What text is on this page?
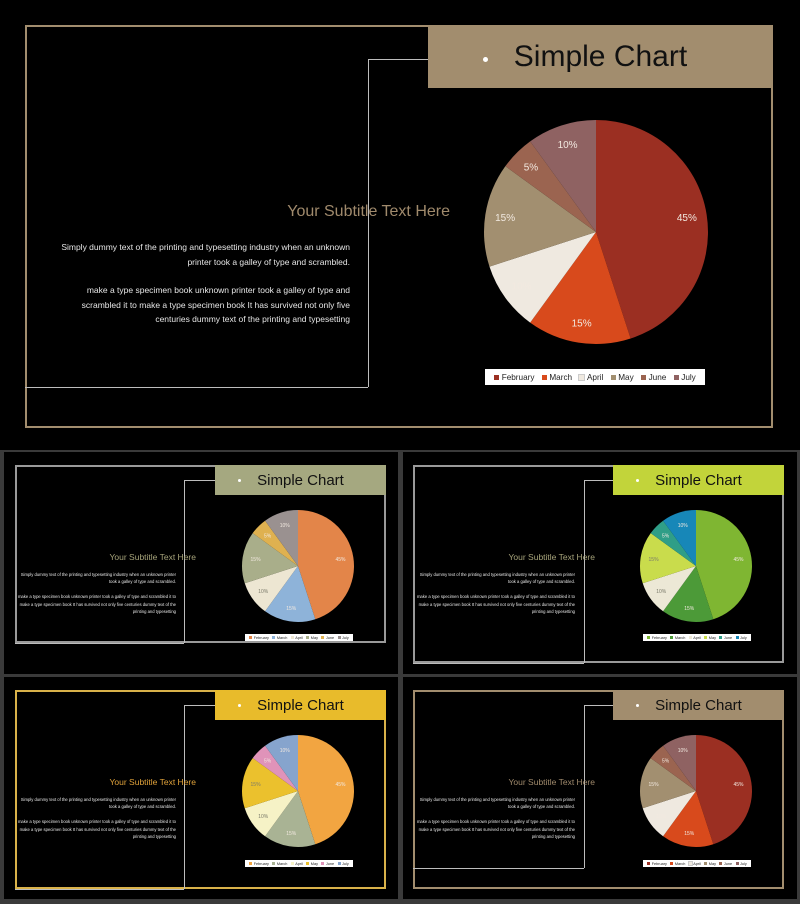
Simple Chart
Your Subtitle Text Here

Simply dummy text of the printing and typesetting industry when an unknown printer took a galley of type and scrambled.

make a type specimen book unknown printer took a galley of type and scrambled it to make a type specimen book It has survived not only five centuries dummy text of the printing and typesetting

45%
15%
10%
15%
5%
10%
February March April May June July
Simple Chart
Your Subtitle Text Here

Simply dummy text of the printing and typesetting industry when an unknown printer took a galley of type and scrambled.

make a type specimen book unknown printer took a galley of type and scrambled it to make a type specimen book It has survived not only five centuries dummy text of the printing and typesetting

45%
15%
10%
15%
5%
10%
February March April May June July
Simple Chart
Your Subtitle Text Here

Simply dummy text of the printing and typesetting industry when an unknown printer took a galley of type and scrambled.

make a type specimen book unknown printer took a galley of type and scrambled it to make a type specimen book It has survived not only five centuries dummy text of the printing and typesetting

45%
15%
10%
15%
5%
10%
February March April May June July
Simple Chart
Your Subtitle Text Here

Simply dummy text of the printing and typesetting industry when an unknown printer took a galley of type and scrambled.

make a type specimen book unknown printer took a galley of type and scrambled it to make a type specimen book It has survived not only five centuries dummy text of the printing and typesetting

45%
15%
10%
15%
5%
10%
February March April May June July
Simple Chart
Your Subtitle Text Here

Simply dummy text of the printing and typesetting industry when an unknown printer took a galley of type and scrambled.

make a type specimen book unknown printer took a galley of type and scrambled it to make a type specimen book It has survived not only five centuries dummy text of the printing and typesetting

45%
15%
10%
15%
5%
10%
February March April May June July
